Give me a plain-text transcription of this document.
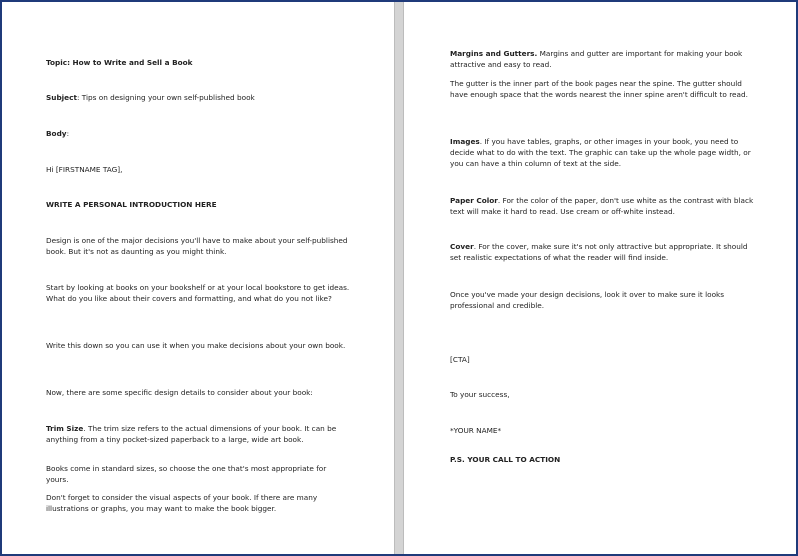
Topic: How to Write and Sell a Book

Subject: Tips on designing your own self-published book

Body:

Hi [FIRSTNAME TAG],

WRITE A PERSONAL INTRODUCTION HERE

Design is one of the major decisions you'll have to make about your self-published book. But it's not as daunting as you might think.

Start by looking at books on your bookshelf or at your local bookstore to get ideas. What do you like about their covers and formatting, and what do you not like?

Write this down so you can use it when you make decisions about your own book.

Now, there are some specific design details to consider about your book:

Trim Size. The trim size refers to the actual dimensions of your book. It can be anything from a tiny pocket-sized paperback to a large, wide art book.

Books come in standard sizes, so choose the one that's most appropriate for yours.

Don't forget to consider the visual aspects of your book. If there are many illustrations or graphs, you may want to make the book bigger.

Margins and Gutters. Margins and gutter are important for making your book attractive and easy to read.

The gutter is the inner part of the book pages near the spine. The gutter should have enough space that the words nearest the inner spine aren't difficult to read.

Images. If you have tables, graphs, or other images in your book, you need to decide what to do with the text. The graphic can take up the whole page width, or you can have a thin column of text at the side.

Paper Color. For the color of the paper, don't use white as the contrast with black text will make it hard to read. Use cream or off-white instead.

Cover. For the cover, make sure it's not only attractive but appropriate. It should set realistic expectations of what the reader will find inside.

Once you've made your design decisions, look it over to make sure it looks professional and credible.

[CTA]

To your success,

*YOUR NAME*

P.S. YOUR CALL TO ACTION
